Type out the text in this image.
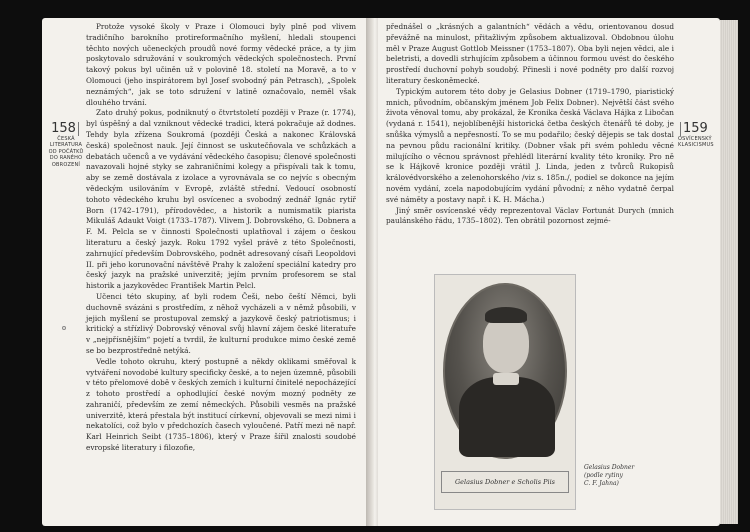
158
ČESKÁ
LITERATURA
OD POČÁTKŮ
DO RANÉHO
OBROZENÍ

Protože vysoké školy v Praze i Olomouci byly plně pod vlivem tradičního barokního protireformačního myšlení, hledali stoupenci těchto nových učeneckých proudů nové formy vědecké práce, a ty jim poskytovalo sdružování v soukromých vědeckých společnostech. První takový pokus byl učiněn už v polovině 18. století na Moravě, a to v Olomouci (jeho inspirátorem byl Josef svobodný pán Petrasch), „Spolek neznámých“, jak se toto sdružení v latině označovalo, neměl však dlouhého trvání.

Zato druhý pokus, podniknutý o čtvrtstoletí později v Praze (r. 1774), byl úspěšný a dal vzniknout vědecké tradici, která pokračuje až dodnes. Tehdy byla zřízena Soukromá (později Česká a nakonec Královská česká) společnost nauk. Její činnost se uskutečňovala ve schůzkách a debatách učenců a ve vydávání vědeckého časopisu; členové společnosti navazovali hojné styky se zahraničními kolegy a přispívali tak k tomu, aby se země dostávala z izolace a vyrovnávala se co nejvíc s obecným vědeckým usilováním v Evropě, zvláště střední. Vedoucí osobností tohoto vědeckého kruhu byl osvícenec a svobodný zednář Ignác rytíř Born (1742–1791), přírodovědec, a historik a numismatik piarista Mikuláš Adaukt Voigt (1733–1787). Vlivem J. Dobrovského, G. Dobnera a F. M. Pelcla se v činnosti Společnosti uplatňoval i zájem o českou literaturu a český jazyk. Roku 1792 vyšel právě z této Společnosti, zahrnující především Dobrovského, podnět adresovaný císaři Leopoldovi II. při jeho korunovační návštěvě Prahy k založení speciální katedry pro český jazyk na pražské univerzitě; jejím prvním profesorem se stal historik a jazykovědec František Martin Pelcl.

Učenci této skupiny, ať byli rodem Češi, nebo čeští Němci, byli duchovně svázáni s prostředím, z něhož vycházeli a v němž působili, v jejich myšlení se prostupoval zemský a jazykově český patriotismus; i kritický a střízlivý Dobrovský věnoval svůj hlavní zájem české literatuře v „nejpřísnějším“ pojetí a tvrdil, že kulturní produkce mimo české země se bo bezprostředně netýká.

Vedle tohoto okruhu, který postupně a někdy oklikami směřoval k vytváření novodobé kultury specificky české, a to nejen územně, působili v této přelomové době v českých zemích i kulturní činitelé nepocházející z tohoto prostředí a ophodlující české novým mozný podněty ze zahraničí, především ze zemí německých. Působili vesměs na pražské univerzitě, která přestala být institucí církevní, objevovali se mezi nimi i nekatolíci, což bylo v předchozích časech vyloučené. Patří mezi ně např. Karl Heinrich Seibt (1735–1806), který v Praze šířil znalosti soudobé evropské literatury i filozofie,

přednášel o „krásných a galantních“ vědách a vědu, orientovanou dosud převážně na minulost, přitažlivým způsobem aktualizoval. Obdobnou úlohu měl v Praze August Gottlob Meissner (1753–1807). Oba byli nejen vědci, ale i beletristi, a dovedli strhujícím způsobem a účinnou formou uvést do českého prostředí duchovní pohyb soudobý. Přinesli i nové podněty pro další rozvoj literatury českoněmecké.

Typickým autorem této doby je Gelasius Dobner (1719–1790, piaristický mnich, původním, občanským jménem Job Felix Dobner). Největší část svého života věnoval tomu, aby prokázal, že Kronika česká Václava Hájka z Libočan (vydaná r. 1541), nejoblíbenější historická četba českých čtenářů té doby, je snůška výmyslů a nepřesností. To se mu podařilo; český dějepis se tak dostal na pevnou půdu racionální kritiky. (Dobner však při svém pohledu věcné milujícího o věcnou správnost přehlédl literární kvality této kroniky. Pro ně se k Hájkově kronice později vrátil J. Linda, jeden z tvůrců Rukopisů královédvorského a zelenohorského /viz s. 185n./, podiel se dokonce na jejím novém vydání, zcela napodobujícím vydání původní; z něho vydatně čerpal své náměty a postavy např. i K. H. Mácha.)

Jiný směr osvícenské vědy reprezentoval Václav Fortunát Durych (mnich paulánského řádu, 1735–1802). Ten obrátil pozornost zejmé-

159
OSVÍCENSKÝ
KLASICISMUS
Gelasius Dobner e Scholis Piis
Gelasius Dobner
(podle rytiny
C. F. Jahna)
